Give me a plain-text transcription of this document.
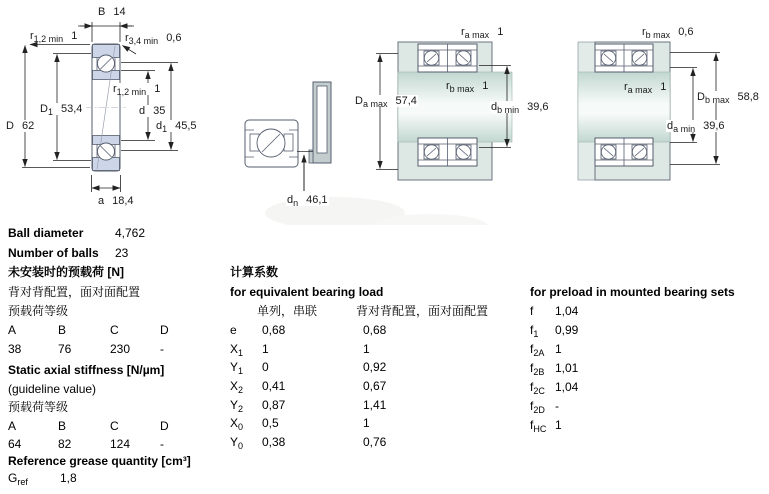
B 14
$r_{1,2 min}$ 1	$r_{3,4 min}$ 0,6
$D_1$ 53,4
D 62
$r_{1,2 min}$ 1
d 35
$d_1$ 45,5
a 18,4	$d_n$ 46,1
$r_{a max}$ 1
$D_{a max}$ 57,4
$r_{b max}$ 1
$d_{b min}$ 39,6
$r_{b max}$ 0,6
$r_{a max}$ 1
$D_{b max}$ 58,8
$d_{a min}$ 39,6
Ball diameter	4,762
Number of balls 23
未安装时的预载荷 [N]
背对背配置，面对面配置
预载荷等级
A	B	C	D
38	76	230 -
Static axial stiffness [N/µm]
(guideline value)
预载荷等级
A	B	C	D
64	82	124 -
Reference grease quantity [cm³]
$G_{ref}$	1,8
计算系数
for equivalent bearing load
单列，串联	背对背配置，面对面配置
e 0,68	0,68
$X_1$ 1	1
$Y_1$ 0	0,92
$X_2$ 0,41	0,67
$Y_2$ 0,87	1,41
$X_0$ 0,5	1
$Y_0$ 0,38	0,76
for preload in mounted bearing sets
f 1,04
$f_1$ 0,99
$f_{2A}$ 1
$f_{2B}$ 1,01
$f_{2C}$ 1,04
$f_{2D}$ -
$f_{HC}$ 1
